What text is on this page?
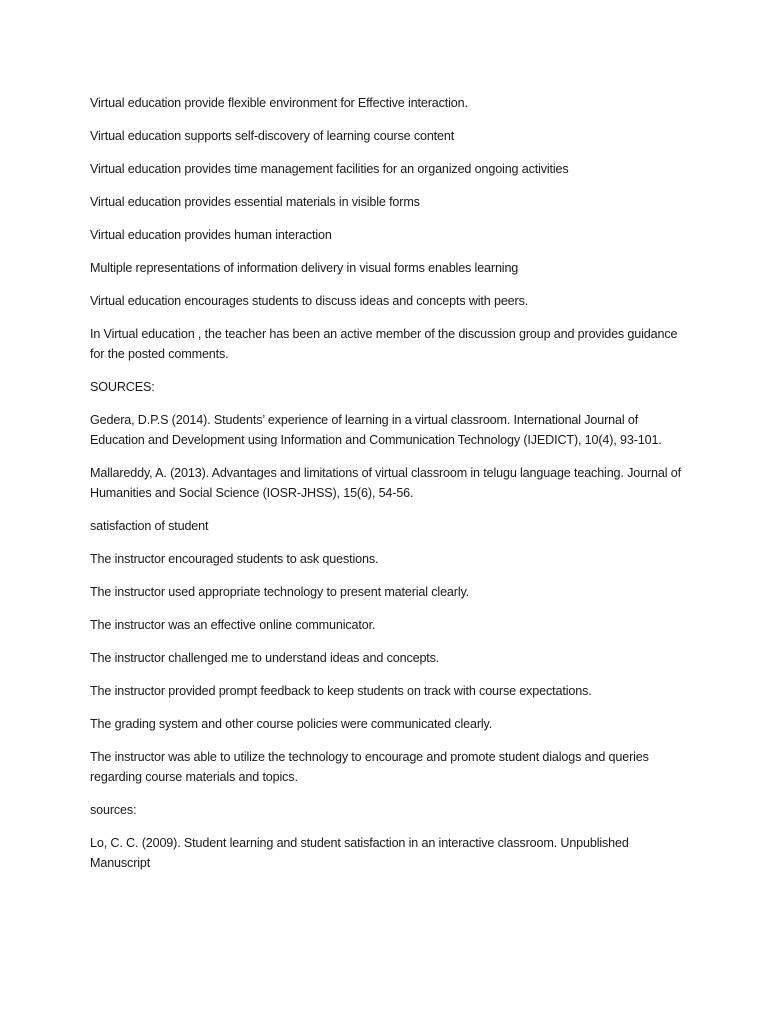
Virtual education provide flexible environment for Effective interaction.

Virtual education supports self-discovery of learning course content

Virtual education provides time management facilities for an organized ongoing activities

Virtual education provides essential materials in visible forms

Virtual education provides human interaction

Multiple representations of information delivery in visual forms enables learning

Virtual education encourages students to discuss ideas and concepts with peers.

In Virtual education , the teacher has been an active member of the discussion group and provides guidance for the posted comments.

SOURCES:

Gedera, D.P.S (2014). Students’ experience of learning in a virtual classroom. International Journal of Education and Development using Information and Communication Technology (IJEDICT), 10(4), 93-101.

Mallareddy, A. (2013). Advantages and limitations of virtual classroom in telugu language teaching. Journal of Humanities and Social Science (IOSR-JHSS), 15(6), 54-56.

satisfaction of student

The instructor encouraged students to ask questions.

The instructor used appropriate technology to present material clearly.

The instructor was an effective online communicator.

The instructor challenged me to understand ideas and concepts.

The instructor provided prompt feedback to keep students on track with course expectations.

The grading system and other course policies were communicated clearly.

The instructor was able to utilize the technology to encourage and promote student dialogs and queries regarding course materials and topics.

sources:

Lo, C. C. (2009). Student learning and student satisfaction in an interactive classroom. Unpublished Manuscript
